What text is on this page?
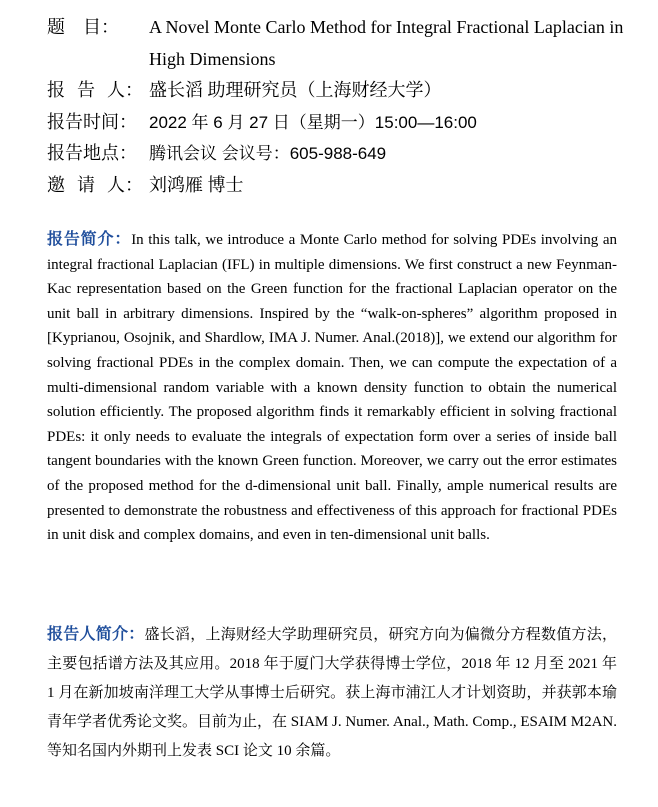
题　目：	A Novel Monte Carlo Method for Integral Fractional Laplacian in High Dimensions
报 告 人 ： 盛长滔 助理研究员（上海财经大学）
报告时间： 2022 年 6 月 27 日（星期一）15:00—16:00
报告地点： 腾讯会议 会议号：605-988-649
邀 请 人 ： 刘鸿雁 博士
报告简介：In this talk, we introduce a Monte Carlo method for solving PDEs involving an integral fractional Laplacian (IFL) in multiple dimensions. We first construct a new Feynman-Kac representation based on the Green function for the fractional Laplacian operator on the unit ball in arbitrary dimensions. Inspired by the “walk-on-spheres” algorithm proposed in [Kyprianou, Osojnik, and Shardlow, IMA J. Numer. Anal.(2018)], we extend our algorithm for solving fractional PDEs in the complex domain. Then, we can compute the expectation of a multi-dimensional random variable with a known density function to obtain the numerical solution efficiently. The proposed algorithm finds it remarkably efficient in solving fractional PDEs: it only needs to evaluate the integrals of expectation form over a series of inside ball tangent boundaries with the known Green function. Moreover, we carry out the error estimates of the proposed method for the d-dimensional unit ball. Finally, ample numerical results are presented to demonstrate the robustness and effectiveness of this approach for fractional PDEs in unit disk and complex domains, and even in ten-dimensional unit balls.
报告人简介：盛长滔，上海财经大学助理研究员，研究方向为偏微分方程数值方法，主要包括谱方法及其应用。2018 年于厦门大学获得博士学位，2018 年 12 月至 2021 年 1 月在新加坡南洋理工大学从事博士后研究。获上海市浦江人才计划资助，并获郭本瑜青年学者优秀论文奖。目前为止，在 SIAM J. Numer. Anal., Math. Comp., ESAIM M2AN.等知名国内外期刊上发表 SCI 论文 10 余篇。
